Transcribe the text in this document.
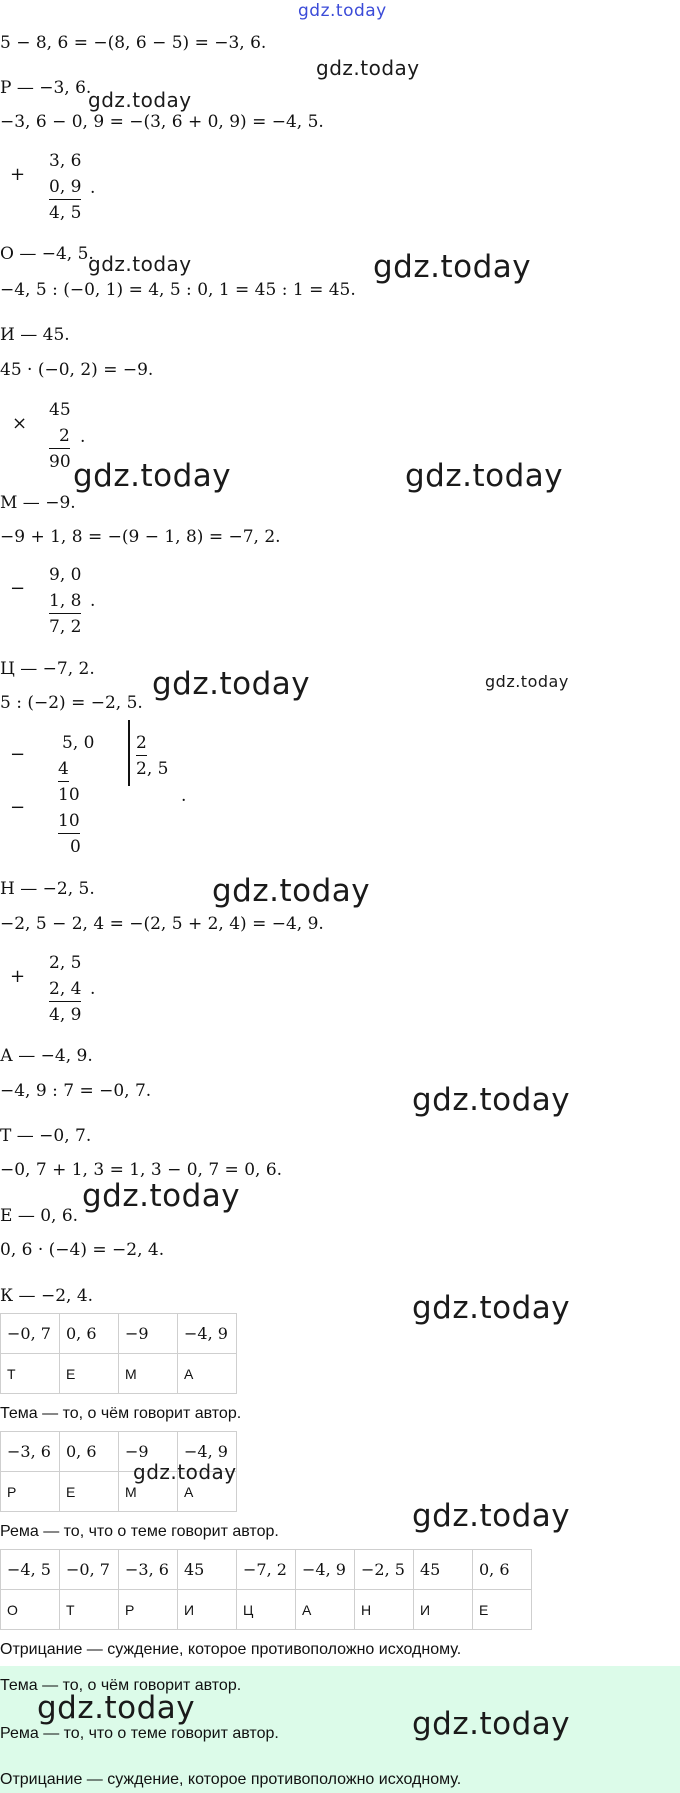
gdz.today
5 − 8, 6 = −(8, 6 − 5) = −3, 6.
gdz.today
Р — −3, 6.
gdz.today
−3, 6 − 0, 9 = −(3, 6 + 0, 9) = −4, 5.
+
3, 6
0, 9
4, 5
.
О — −4, 5.
gdz.today	gdz.today
−4, 5 : (−0, 1) = 4, 5 : 0, 1 = 45 : 1 = 45.
И — 45.
45 · (−0, 2) = −9.
×
45
2
90
.
gdz.today	gdz.today
М — −9.
−9 + 1, 8 = −(9 − 1, 8) = −7, 2.
−
9, 0
1, 8
7, 2
.
Ц — −7, 2. gdz.today	gdz.today
5 : (−2) = −2, 5.
−
−
5, 0
4
10
10
0
2
2, 5
.
Н — −2, 5.	gdz.today
−2, 5 − 2, 4 = −(2, 5 + 2, 4) = −4, 9.
+
2, 5
2, 4
4, 9
.
А — −4, 9.
−4, 9 : 7 = −0, 7.	gdz.today
Т — −0, 7.
−0, 7 + 1, 3 = 1, 3 − 0, 7 = 0, 6.
gdz.today
Е — 0, 6.
0, 6 · (−4) = −2, 4.
К — −2, 4.	gdz.today
−0, 7	0, 6	−9	−4, 9
Т	Е	М	А
Тема — то, о чём говорит автор.
−3, 6	0, 6	−9	−4, 9
Р	Е	М	А
gdz.today
Рема — то, что о теме говорит автор.	gdz.today
−4, 5	−0, 7	−3, 6	45	−7, 2	−4, 9	−2, 5	45	0, 6
О	Т	Р	И	Ц	А	Н	И	Е
Отрицание — суждение, которое противоположно исходному.
Тема — то, о чём говорит автор.
gdz.today
Рема — то, что о теме говорит автор.	gdz.today
Отрицание — суждение, которое противоположно исходному.
